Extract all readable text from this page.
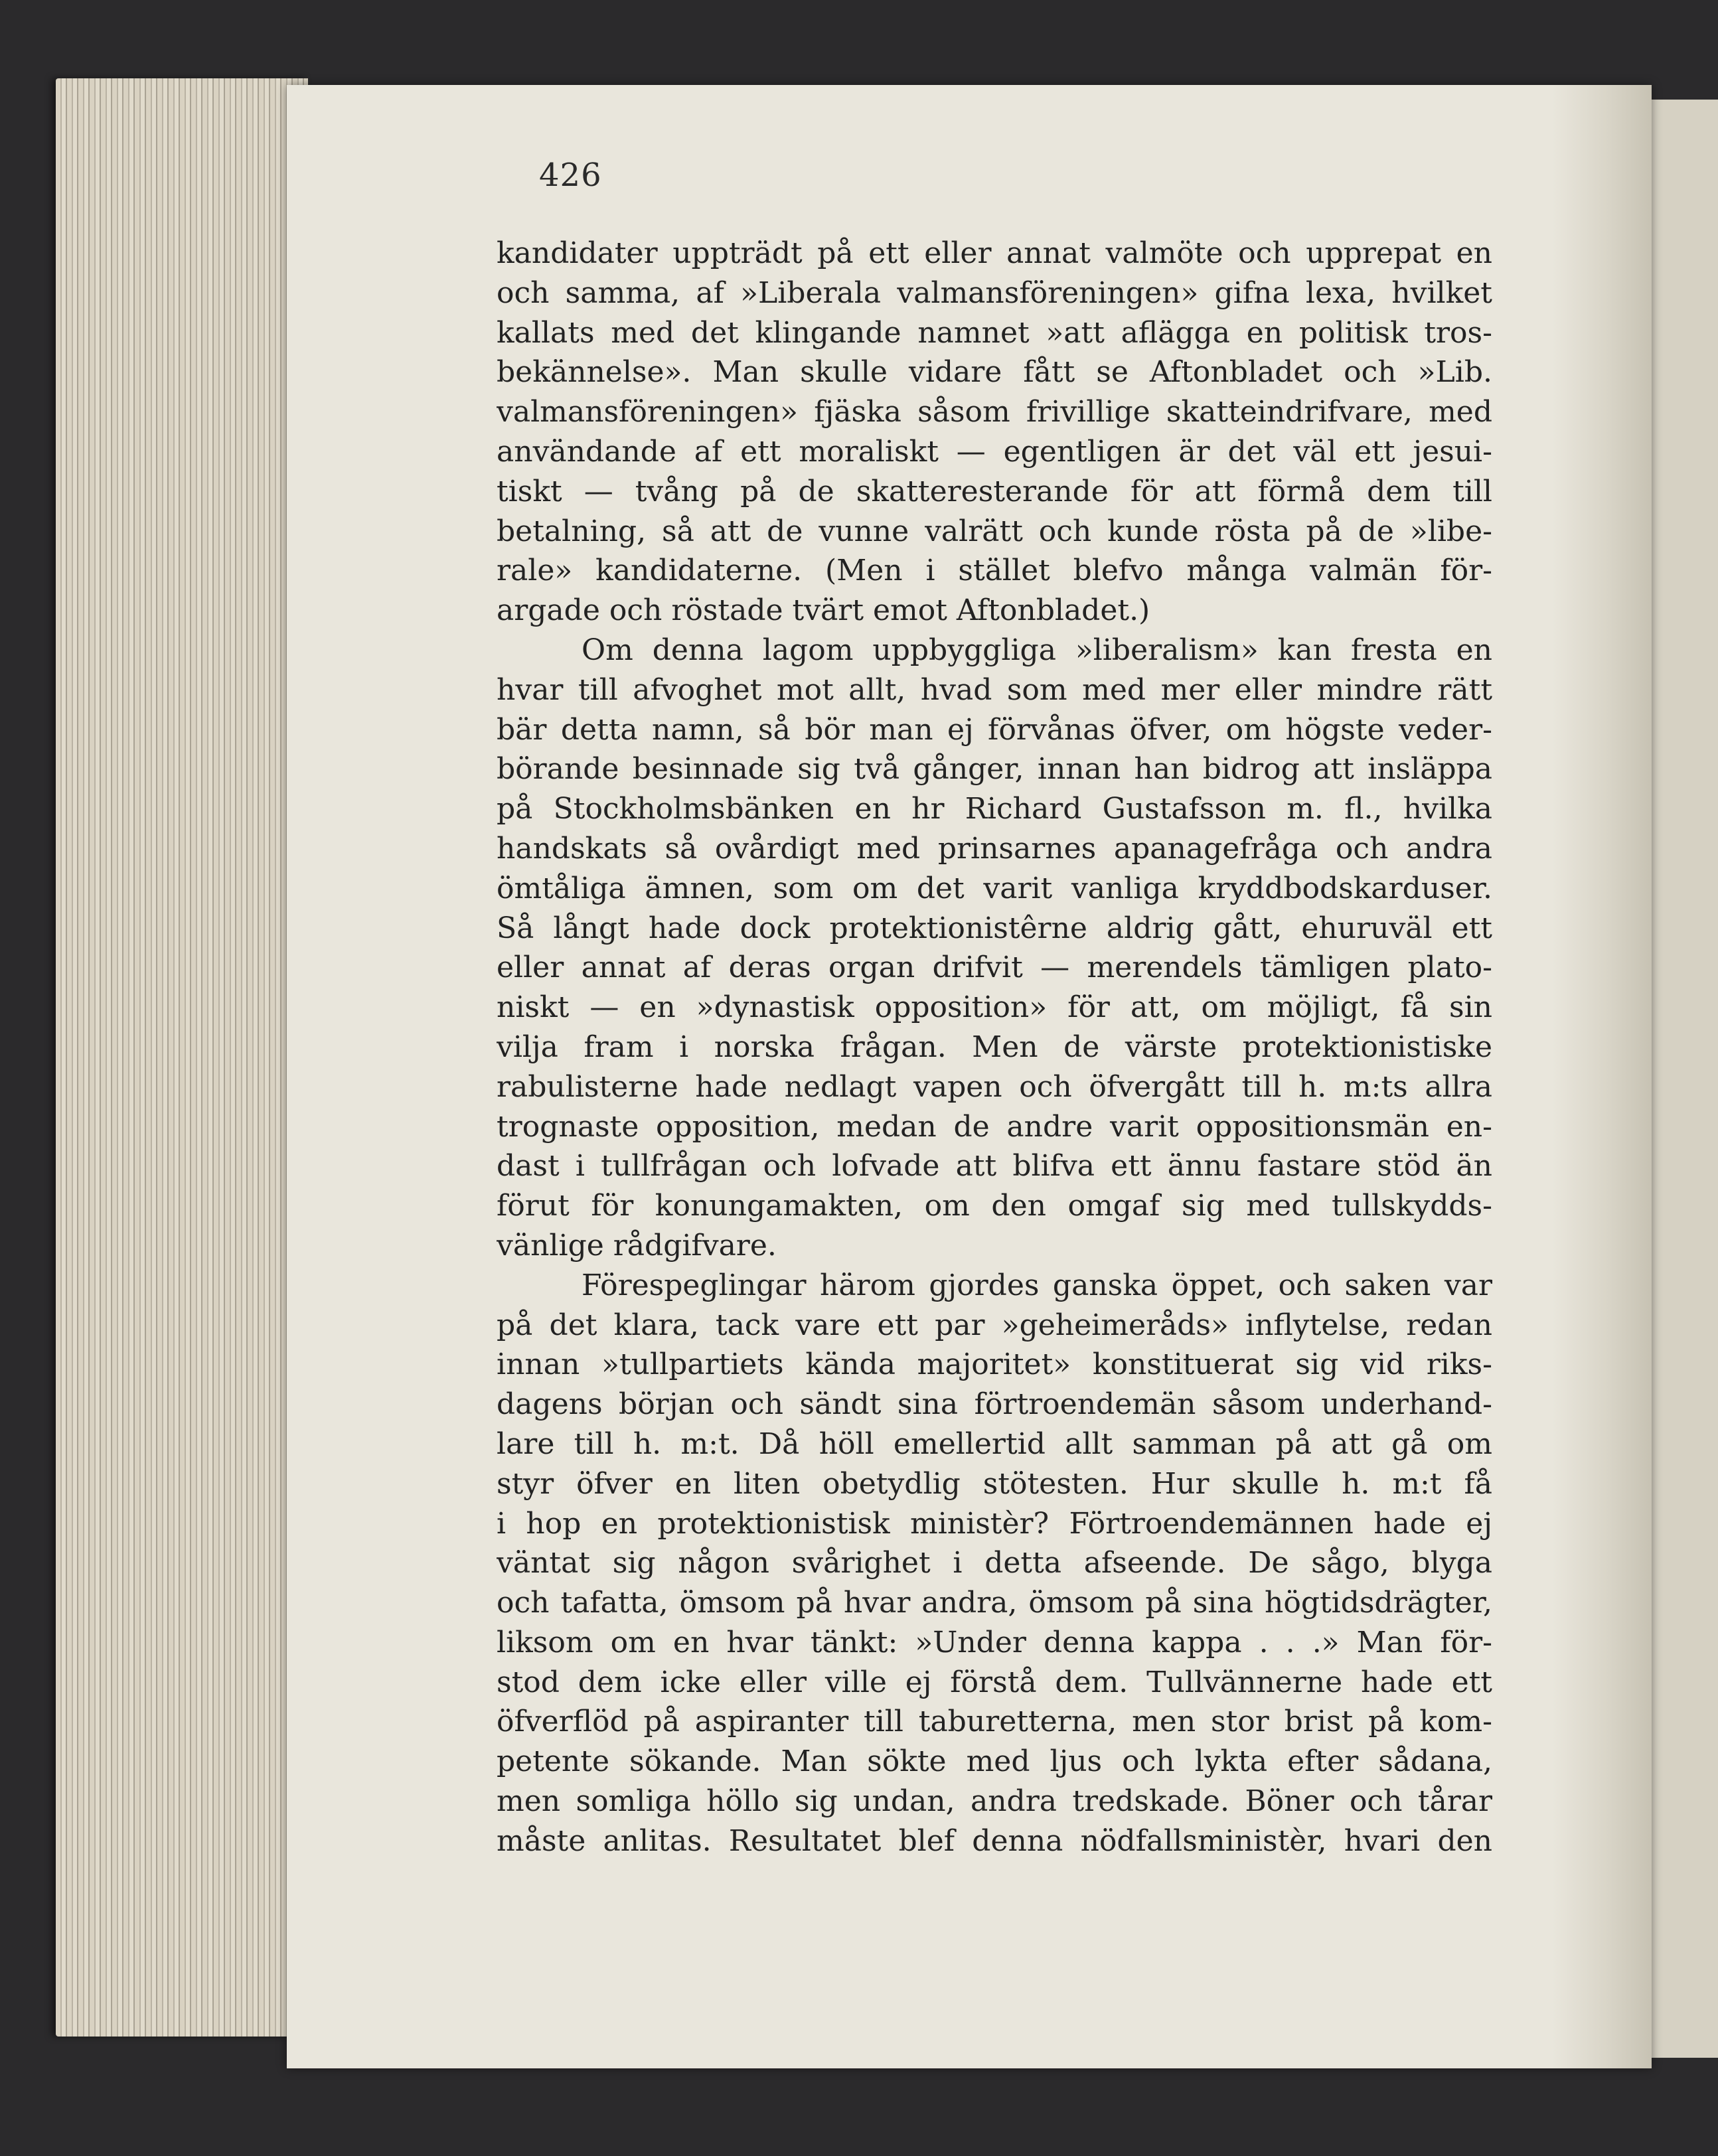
426
kandidater uppträdt på ett eller annat valmöte och upprepat en
och samma, af »Liberala valmansföreningen» gifna lexa, hvilket
kallats med det klingande namnet »att aflägga en politisk tros-
bekännelse». Man skulle vidare fått se Aftonbladet och »Lib.
valmansföreningen» fjäska såsom frivillige skatteindrifvare, med
användande af ett moraliskt — egentligen är det väl ett jesui-
tiskt — tvång på de skatteresterande för att förmå dem till
betalning, så att de vunne valrätt och kunde rösta på de »libe-
rale» kandidaterne. (Men i stället blefvo många valmän för-
argade och röstade tvärt emot Aftonbladet.)
Om denna lagom uppbyggliga »liberalism» kan fresta en
hvar till afvoghet mot allt, hvad som med mer eller mindre rätt
bär detta namn, så bör man ej förvånas öfver, om högste veder-
börande besinnade sig två gånger, innan han bidrog att insläppa
på Stockholmsbänken en hr Richard Gustafsson m. fl., hvilka
handskats så ovårdigt med prinsarnes apanagefråga och andra
ömtåliga ämnen, som om det varit vanliga kryddbodskarduser.
Så långt hade dock protektionistêrne aldrig gått, ehuruväl ett
eller annat af deras organ drifvit — merendels tämligen plato-
niskt — en »dynastisk opposition» för att, om möjligt, få sin
vilja fram i norska frågan. Men de värste protektionistiske
rabulisterne hade nedlagt vapen och öfvergått till h. m:ts allra
trognaste opposition, medan de andre varit oppositionsmän en-
dast i tullfrågan och lofvade att blifva ett ännu fastare stöd än
förut för konungamakten, om den omgaf sig med tullskydds-
vänlige rådgifvare.
Förespeglingar härom gjordes ganska öppet, och saken var
på det klara, tack vare ett par »geheimeråds» inflytelse, redan
innan »tullpartiets kända majoritet» konstituerat sig vid riks-
dagens början och sändt sina förtroendemän såsom underhand-
lare till h. m:t. Då höll emellertid allt samman på att gå om
styr öfver en liten obetydlig stötesten. Hur skulle h. m:t få
i hop en protektionistisk ministèr? Förtroendemännen hade ej
väntat sig någon svårighet i detta afseende. De sågo, blyga
och tafatta, ömsom på hvar andra, ömsom på sina högtidsdrägter,
liksom om en hvar tänkt: »Under denna kappa . . .» Man för-
stod dem icke eller ville ej förstå dem. Tullvännerne hade ett
öfverflöd på aspiranter till taburetterna, men stor brist på kom-
petente sökande. Man sökte med ljus och lykta efter sådana,
men somliga höllo sig undan, andra tredskade. Böner och tårar
måste anlitas. Resultatet blef denna nödfallsministèr, hvari den
